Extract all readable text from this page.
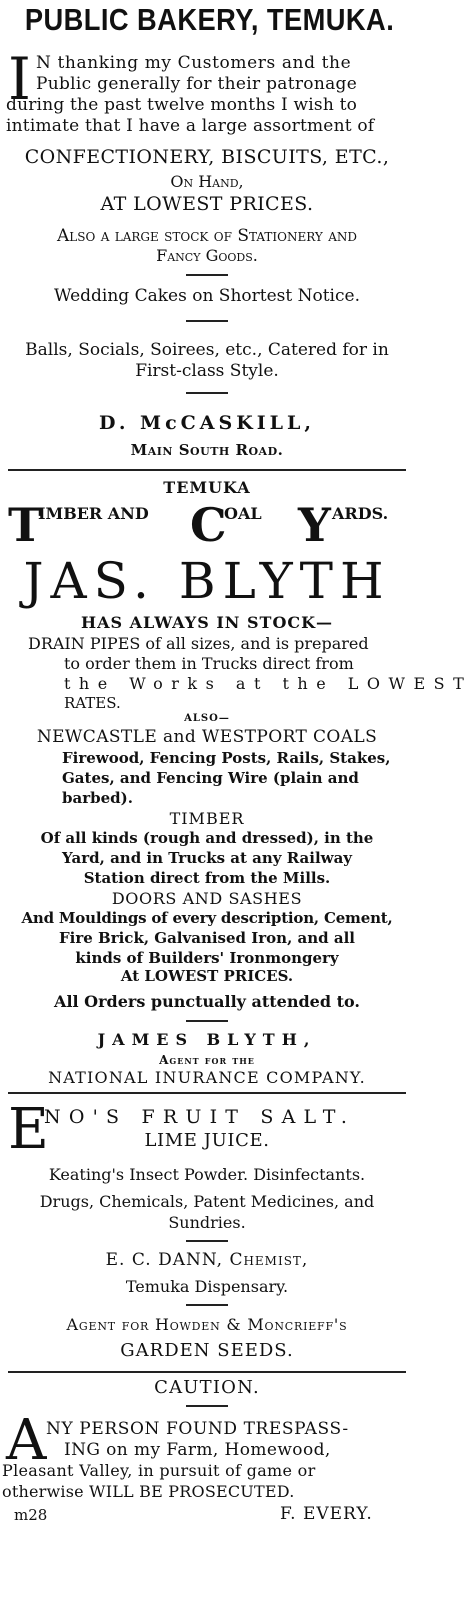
PUBLIC BAKERY, TEMUKA.
I N thanking my Customers and the
Public generally for their patronage
during the past twelve months I wish to
intimate that I have a large assortment of
CONFECTIONERY, BISCUITS, ETC.,
On Hand,
AT LOWEST PRICES.
Also a large stock of Stationery and
Fancy Goods.
Wedding Cakes on Shortest Notice.
Balls, Socials, Soirees, etc., Catered for in
First-class Style.
D. McCASKILL,
Main South Road.
TEMUKA
T
IMBER AND C
OAL Y ARDS.
JAS. BLYTH
HAS ALWAYS IN STOCK—
DRAIN PIPES of all sizes, and is prepared
to order them in Trucks direct from
the Works at the LOWEST
RATES.
ALSO—
NEWCASTLE and WESTPORT COALS
Firewood, Fencing Posts, Rails, Stakes,
Gates, and Fencing Wire (plain and
barbed).
TIMBER
Of all kinds (rough and dressed), in the
Yard, and in Trucks at any Railway
Station direct from the Mills.
DOORS AND SASHES
And Mouldings of every description, Cement,
Fire Brick, Galvanised Iron, and all
kinds of Builders' Ironmongery
At LOWEST PRICES.
All Orders punctually attended to.
JAMES BLYTH,
Agent for the
NATIONAL INURANCE COMPANY.
E
NO'S FRUIT SALT.
LIME JUICE.
Keating's Insect Powder. Disinfectants.
Drugs, Chemicals, Patent Medicines, and
Sundries.
E. C. DANN, Chemist,
Temuka Dispensary.
Agent for Howden & Moncrieff's
GARDEN SEEDS.
CAUTION.
A NY PERSON FOUND TRESPASS-
ING on my Farm, Homewood,
Pleasant Valley, in pursuit of game or
otherwise WILL BE PROSECUTED.
m28	F. EVERY.
